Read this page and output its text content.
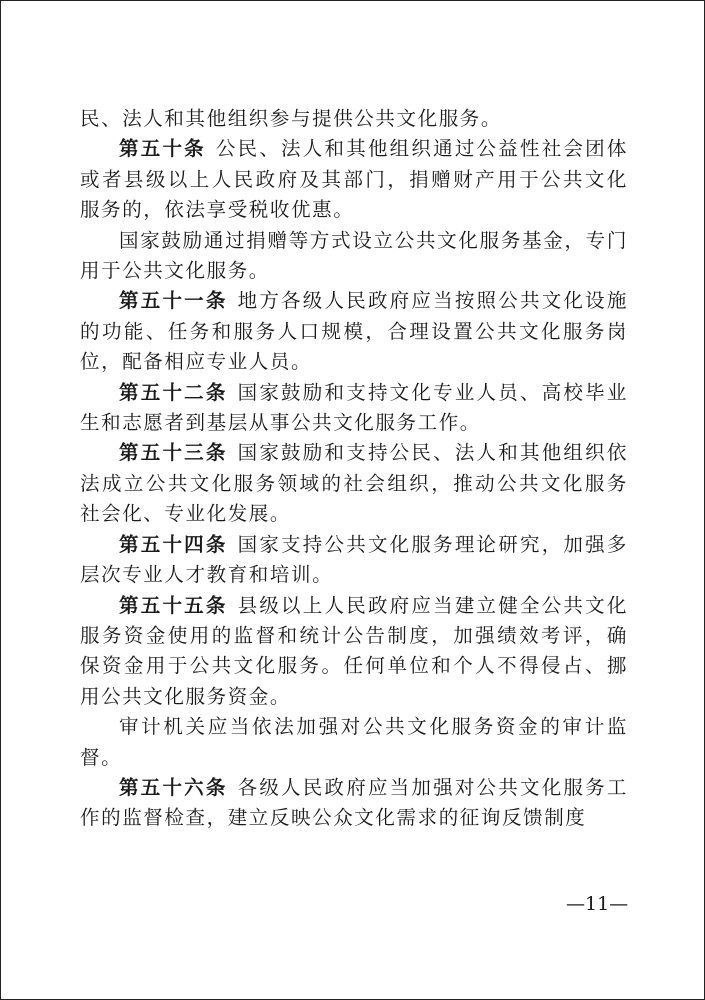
民、法人和其他组织参与提供公共文化服务。

第五十条 公民、法人和其他组织通过公益性社会团体或者县级以上人民政府及其部门，捐赠财产用于公共文化服务的，依法享受税收优惠。

国家鼓励通过捐赠等方式设立公共文化服务基金，专门用于公共文化服务。

第五十一条 地方各级人民政府应当按照公共文化设施的功能、任务和服务人口规模，合理设置公共文化服务岗位，配备相应专业人员。

第五十二条 国家鼓励和支持文化专业人员、高校毕业生和志愿者到基层从事公共文化服务工作。

第五十三条 国家鼓励和支持公民、法人和其他组织依法成立公共文化服务领域的社会组织，推动公共文化服务社会化、专业化发展。

第五十四条 国家支持公共文化服务理论研究，加强多层次专业人才教育和培训。

第五十五条 县级以上人民政府应当建立健全公共文化服务资金使用的监督和统计公告制度，加强绩效考评，确保资金用于公共文化服务。任何单位和个人不得侵占、挪用公共文化服务资金。

审计机关应当依法加强对公共文化服务资金的审计监督。

第五十六条 各级人民政府应当加强对公共文化服务工作的监督检查，建立反映公众文化需求的征询反馈制度

—11—
